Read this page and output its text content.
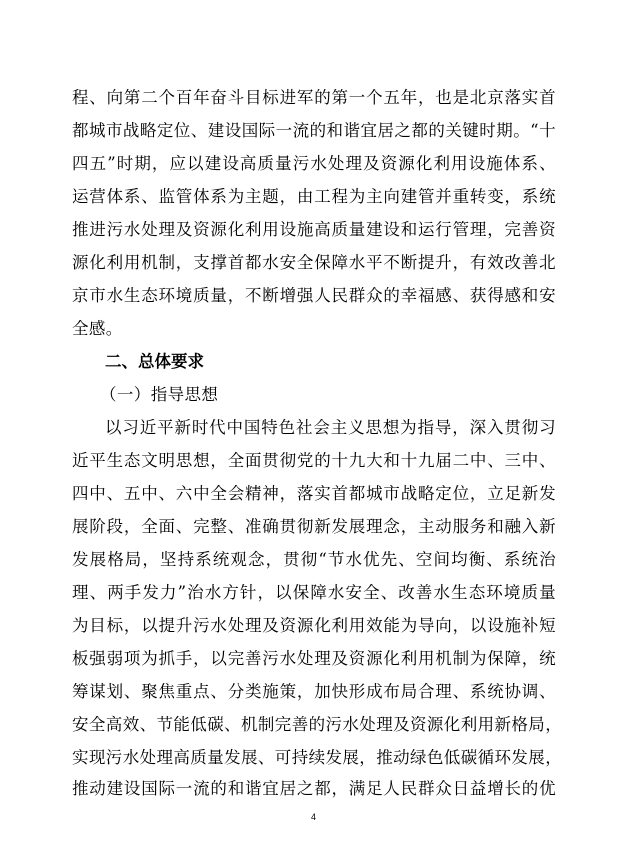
程、向第二个百年奋斗目标进军的第一个五年，也是北京落实首
都城市战略定位、建设国际一流的和谐宜居之都的关键时期。“十
四五”时期，应以建设高质量污水处理及资源化利用设施体系、
运营体系、监管体系为主题，由工程为主向建管并重转变，系统
推进污水处理及资源化利用设施高质量建设和运行管理，完善资
源化利用机制，支撑首都水安全保障水平不断提升，有效改善北
京市水生态环境质量，不断增强人民群众的幸福感、获得感和安
全感。
二、总体要求
（一）指导思想
以习近平新时代中国特色社会主义思想为指导，深入贯彻习
近平生态文明思想，全面贯彻党的十九大和十九届二中、三中、
四中、五中、六中全会精神，落实首都城市战略定位，立足新发
展阶段，全面、完整、准确贯彻新发展理念，主动服务和融入新
发展格局，坚持系统观念，贯彻“节水优先、空间均衡、系统治
理、两手发力”治水方针，以保障水安全、改善水生态环境质量
为目标，以提升污水处理及资源化利用效能为导向，以设施补短
板强弱项为抓手，以完善污水处理及资源化利用机制为保障，统
筹谋划、聚焦重点、分类施策，加快形成布局合理、系统协调、
安全高效、节能低碳、机制完善的污水处理及资源化利用新格局，
实现污水处理高质量发展、可持续发展，推动绿色低碳循环发展，
推动建设国际一流的和谐宜居之都，满足人民群众日益增长的优
4
